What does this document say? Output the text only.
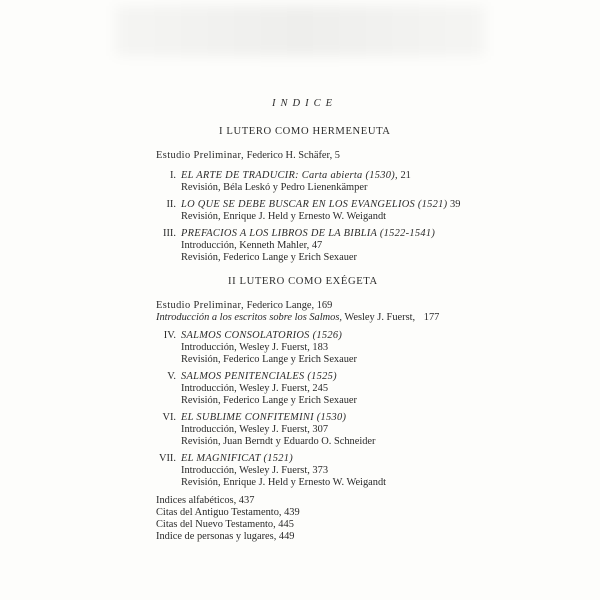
INDICE
I LUTERO COMO HERMENEUTA
Estudio Preliminar, Federico H. Schäfer, 5
I. EL ARTE DE TRADUCIR: Carta abierta (1530), 21
Revisión, Béla Leskó y Pedro Lienenkämper
II. LO QUE SE DEBE BUSCAR EN LOS EVANGELIOS (1521) 39
Revisión, Enrique J. Held y Ernesto W. Weigandt
III. PREFACIOS A LOS LIBROS DE LA BIBLIA (1522-1541)
Introducción, Kenneth Mahler, 47
Revisión, Federico Lange y Erich Sexauer
II LUTERO COMO EXÉGETA
Estudio Preliminar, Federico Lange, 169
Introducción a los escritos sobre los Salmos, Wesley J. Fuerst, 177
IV. SALMOS CONSOLATORIOS (1526)
Introducción, Wesley J. Fuerst, 183
Revisión, Federico Lange y Erich Sexauer
V. SALMOS PENITENCIALES (1525)
Introducción, Wesley J. Fuerst, 245
Revisión, Federico Lange y Erich Sexauer
VI. EL SUBLIME CONFITEMINI (1530)
Introducción, Wesley J. Fuerst, 307
Revisión, Juan Berndt y Eduardo O. Schneider
VII. EL MAGNIFICAT (1521)
Introducción, Wesley J. Fuerst, 373
Revisión, Enrique J. Held y Ernesto W. Weigandt
Indices alfabéticos, 437
Citas del Antiguo Testamento, 439
Citas del Nuevo Testamento, 445
Indice de personas y lugares, 449
